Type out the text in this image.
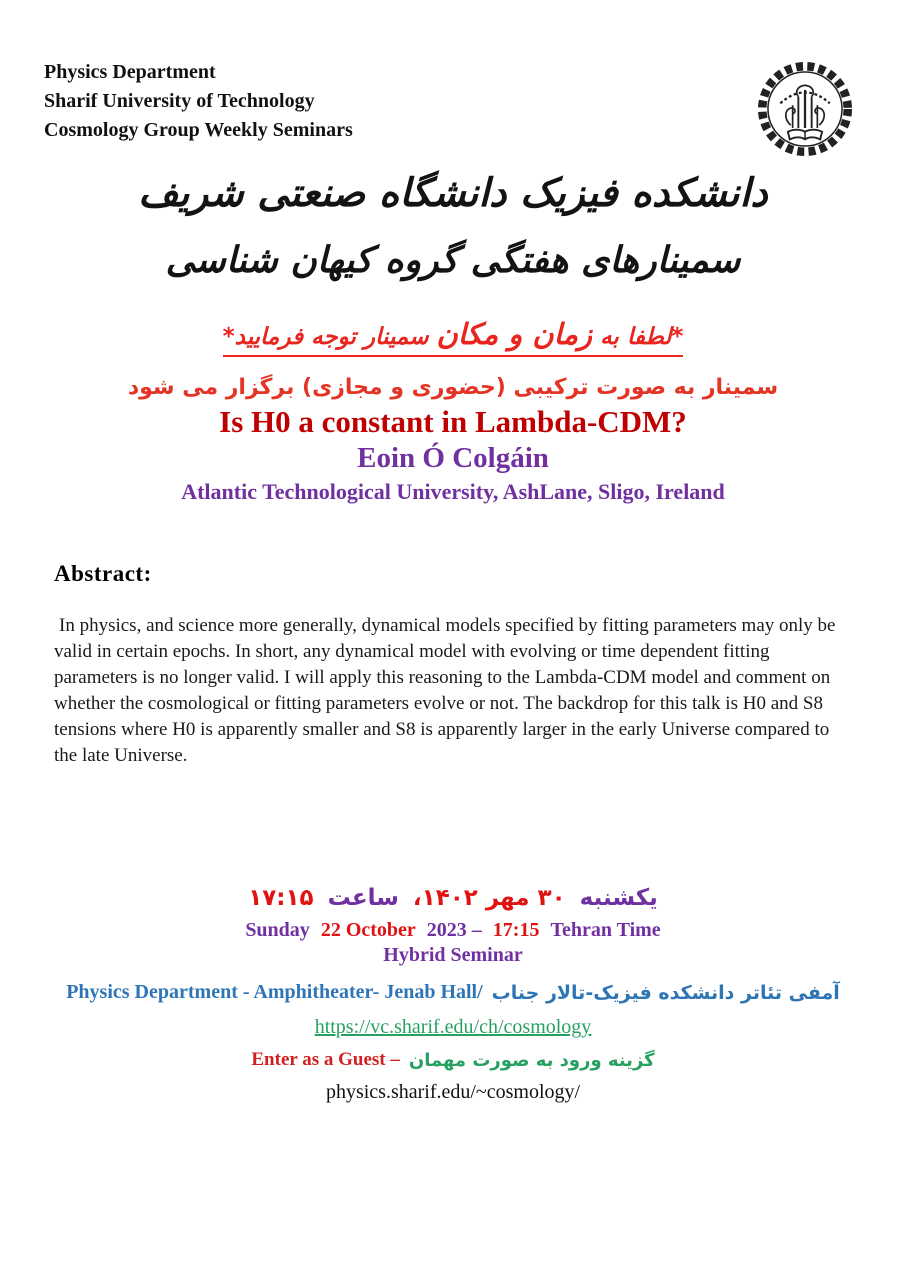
Physics Department
Sharif University of Technology
Cosmology Group Weekly Seminars
دانشکده فیزیک دانشگاه صنعتی شریف
سمینارهای هفتگی گروه کیهان شناسی
*لطفا به زمان و مکان سمینار توجه فرمایید*
سمینار به صورت ترکیبی (حضوری و مجازی) برگزار می شود
Is H0 a constant in Lambda-CDM?
Eoin Ó Colgáin
Atlantic Technological University, AshLane, Sligo, Ireland
Abstract:
In physics, and science more generally, dynamical models specified by fitting parameters may only be valid in certain epochs. In short, any dynamical model with evolving or time dependent fitting parameters is no longer valid. I will apply this reasoning to the Lambda-CDM model and comment on whether the cosmological or fitting parameters evolve or not. The backdrop for this talk is H0 and S8 tensions where H0 is apparently smaller and S8 is apparently larger in the early Universe compared to the late Universe.
یکشنبه ۳۰ مهر ۱۴۰۲، ساعت ۱۷:۱۵
Sunday 22 October 2023 – 17:15 Tehran Time
Hybrid Seminar
Physics Department - Amphitheater- Jenab Hall/ آمفی تئاتر دانشکده فیزیک-تالار جناب
https://vc.sharif.edu/ch/cosmology
Enter as a Guest – گزینه ورود به صورت مهمان
physics.sharif.edu/~cosmology/
